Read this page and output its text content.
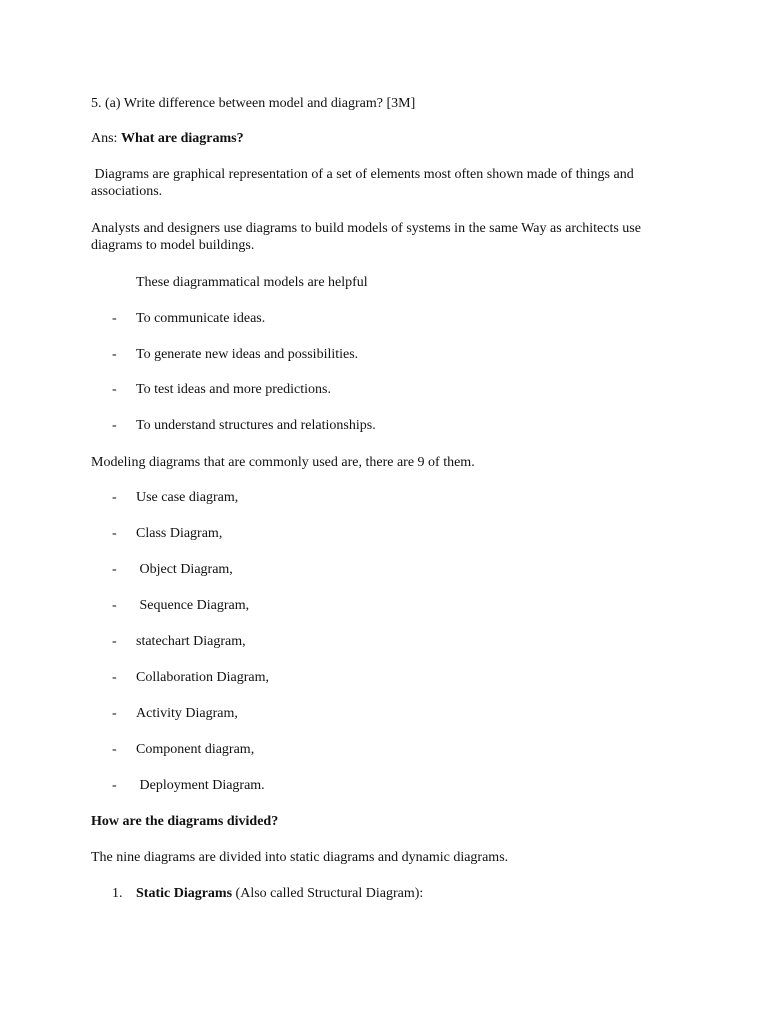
5. (a) Write difference between model and diagram? [3M]
Ans: What are diagrams?
Diagrams are graphical representation of a set of elements most often shown made of things and associations.
Analysts and designers use diagrams to build models of systems in the same Way as architects use diagrams to model buildings.
These diagrammatical models are helpful
- To communicate ideas.
- To generate new ideas and possibilities.
- To test ideas and more predictions.
- To understand structures and relationships.
Modeling diagrams that are commonly used are, there are 9 of them.
- Use case diagram,
- Class Diagram,
- Object Diagram,
- Sequence Diagram,
- statechart Diagram,
- Collaboration Diagram,
- Activity Diagram,
- Component diagram,
- Deployment Diagram.
How are the diagrams divided?
The nine diagrams are divided into static diagrams and dynamic diagrams.
1. Static Diagrams (Also called Structural Diagram):
